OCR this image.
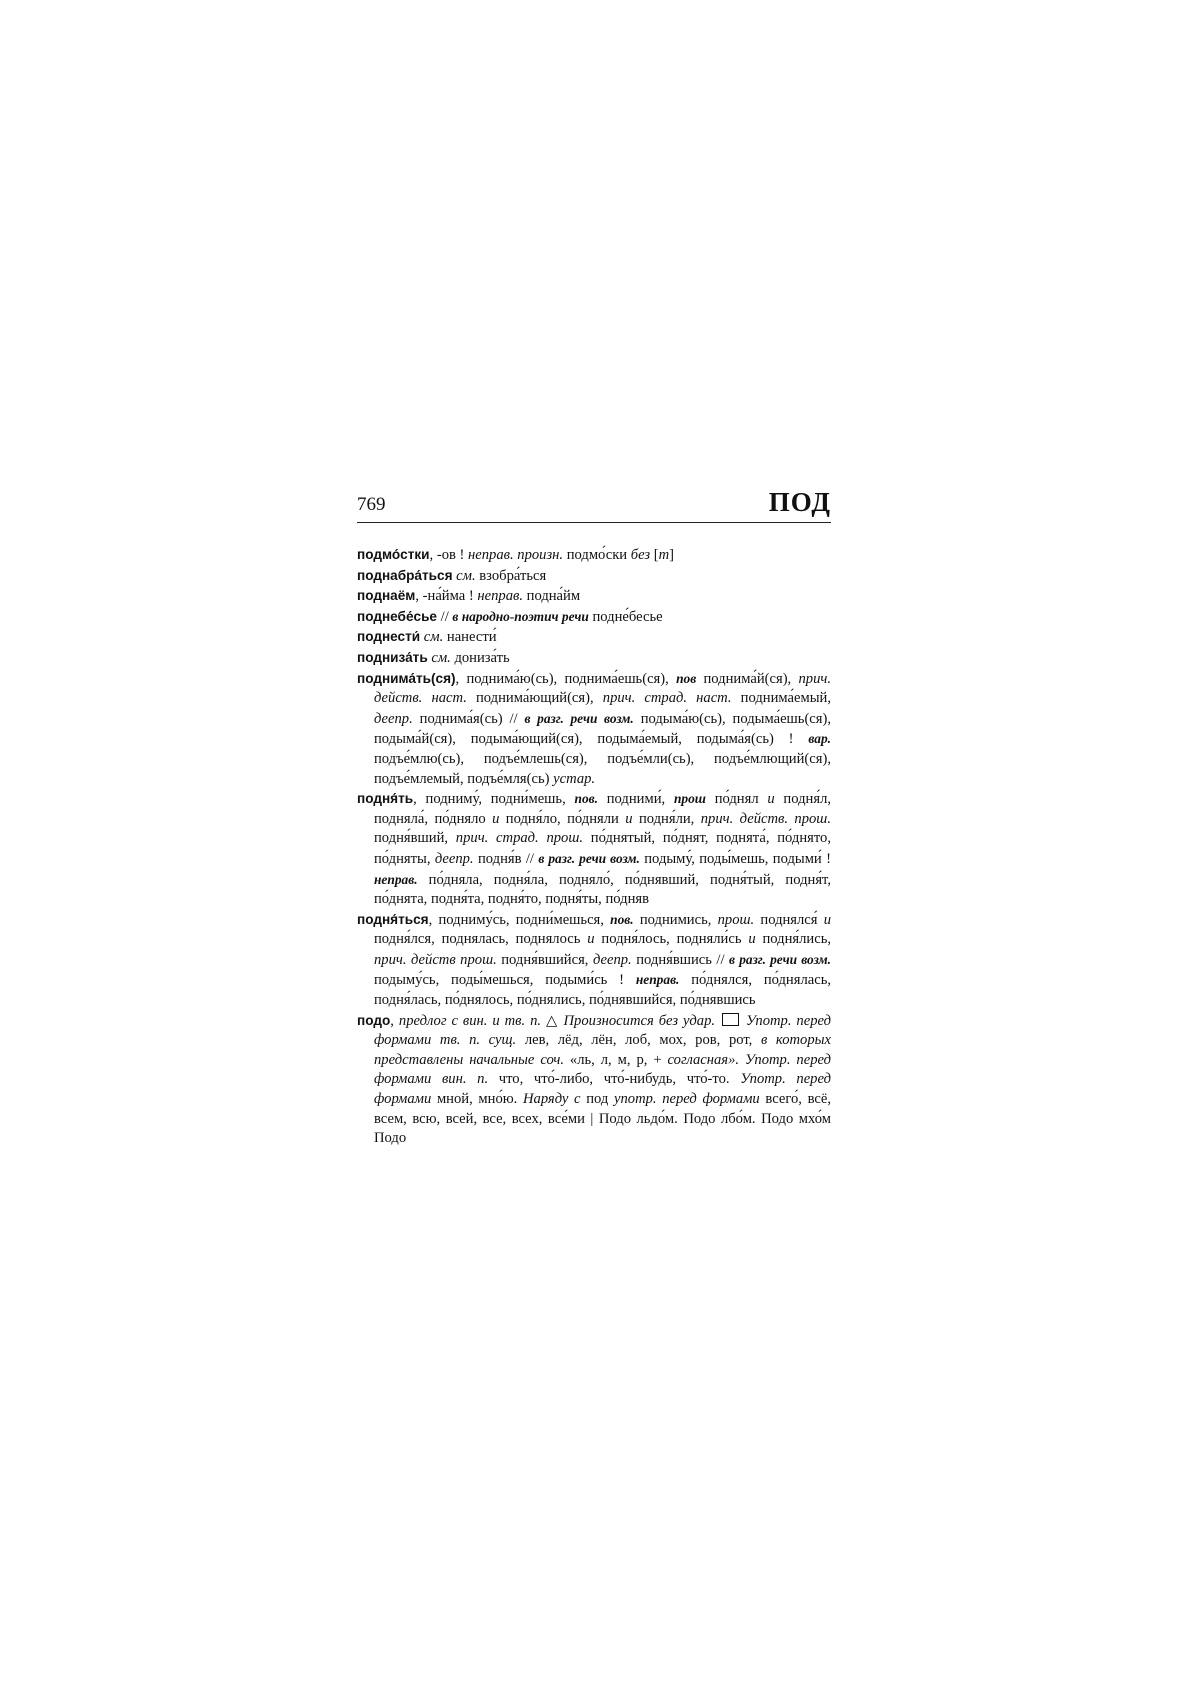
769	ПОД

подмо́стки, -ов ! неправ. произн. подмо́ски без [т]

поднабра́ться см. взобра́ться

поднаём, -на́йма ! неправ. подна́йм

поднебе́сье // в народно-поэтич речи подне́бесье

поднести́ см. нанести́

подниза́ть см. дониза́ть

поднима́ть(ся), поднима́ю(сь), поднима́ешь(ся), пов поднима́й(ся), прич. действ. наст. поднима́ющий(ся), прич. страд. наст. поднима́емый, деепр. поднима́я(сь) // в разг. речи возм. подыма́ю(сь), подыма́ешь(ся), подыма́й(ся), подыма́ющий(ся), подыма́емый, подыма́я(сь) ! вар. подъе́млю(сь), подъе́млешь(ся), подъе́мли(сь), подъе́млющий(ся), подъе́млемый, подъе́мля(сь) устар.

подня́ть, подниму́, подни́мешь, пов. подними́, прош по́днял и подня́л, подняла́, по́дняло и подня́ло, по́дняли и подня́ли, прич. действ. прош. подня́вший, прич. страд. прош. по́днятый, по́днят, поднята́, по́днято, по́дняты, деепр. подня́в // в разг. речи возм. подыму́, поды́мешь, подыми́ ! неправ. по́дняла, подня́ла, подняло́, по́днявший, подня́тый, подня́т, по́днята, подня́та, подня́то, подня́ты, по́дняв

подня́ться, подниму́сь, подни́мешься, пов. поднимись, прош. поднялся́ и подня́лся, поднялась, поднялось и подня́лось, подняли́сь и подня́лись, прич. действ прош. подня́вшийся, деепр. подня́вшись // в разг. речи возм. подыму́сь, поды́мешься, подыми́сь ! неправ. по́днялся, по́днялась, подня́лась, по́днялось, по́днялись, по́днявшийся, по́днявшись

подо, предлог с вин. и тв. п. △ Произносится без удар. Употр. перед формами тв. п. сущ. лев, лёд, лён, лоб, мох, ров, рот, в которых представлены начальные соч. «ль, л, м, р, + согласная». Употр. перед формами вин. п. что, что́-либо, что́-нибудь, что́-то. Употр. перед формами мной, мно́ю. Наряду с под употр. перед формами всего́, всё, всем, всю, всей, все, всех, все́ми | Подо льдо́м. Подо лбо́м. Подо мхо́м Подо
